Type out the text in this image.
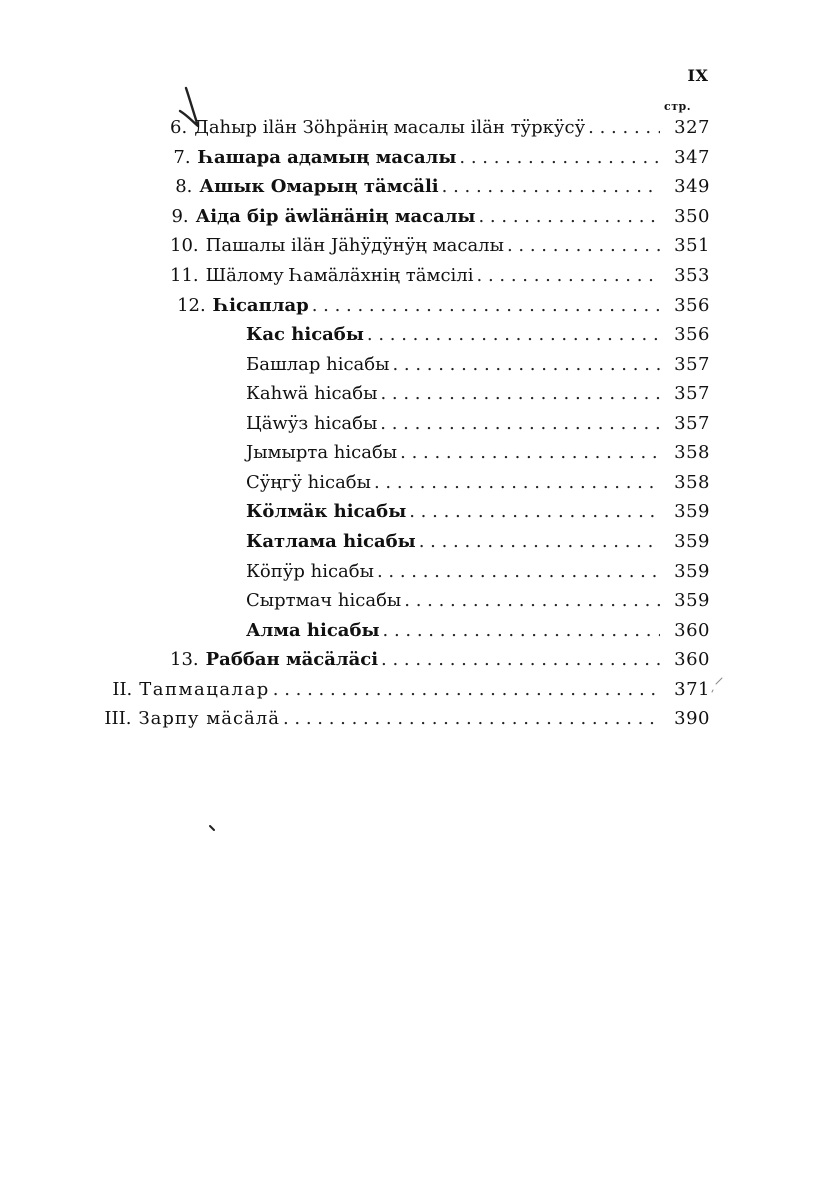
IX
стр.
6. Даhыр ilӓн Зöhрӓнiң масалы ilӓн тӱркӱсӱ . . .	327
7. Һашара адамың масалы . . .	347
8. Ашык Омарың тӓмсӓli . . .	349
9. Аiда бiр ӓwlӓнӓнiң масалы . . .	350
10. Пашалы ilӓн Jӓhӱдӱнӱң масалы . . .	351
11. Шӓлому Һамӓлӓхнiң тӓмсiлi . . .	353
12. Һiсаплар . . .	356
Кас hiсабы . . .	356
Башлар hiсабы . . .	357
Каhwӓ hiсабы . . .	357
Цӓwӱз hiсабы . . .	357
Јымырта hiсабы . . .	358
Сӱңгӱ hiсабы . . .	358
Кöлмӓк hiсабы . . .	359
Катлама hiсабы . . .	359
Кöпӱр hiсабы . . .	359
Сыртмач hiсабы . . .	359
Алма hiсабы . . .	360
13. Раббан мӓсӓлӓсi . . .	360
II. Тапмацалар . . .	371
III. Зарпу мӓсӓлӓ . . .	390
